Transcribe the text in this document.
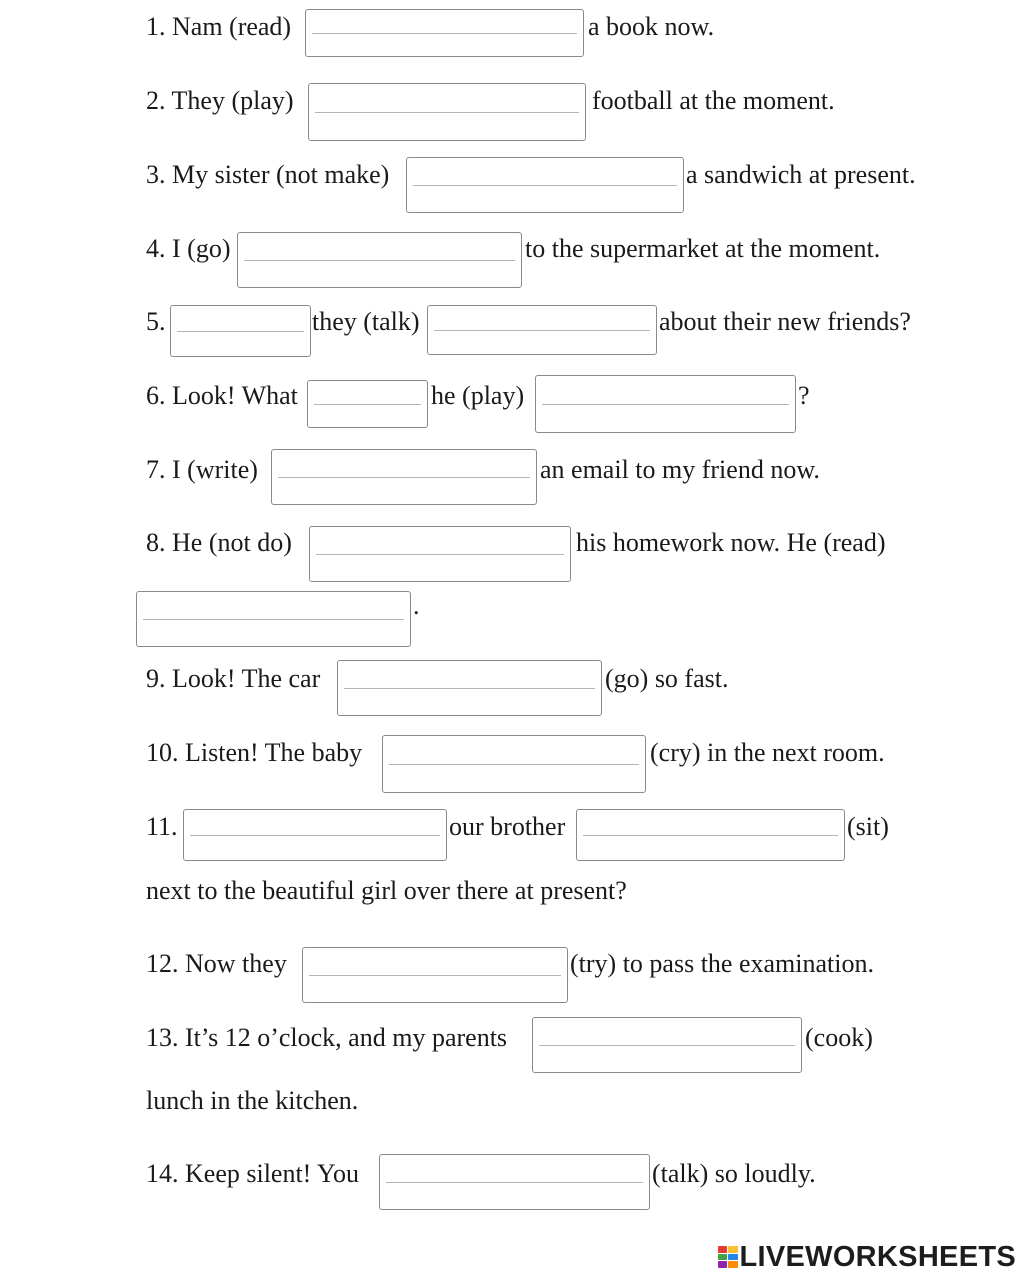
1. Nam (read)	a book now.
2. They (play)	football at the moment.
3. My sister (not make)	a sandwich at present.
4. I (go)	to the supermarket at the moment.
5.	they (talk)	about their new friends?
6. Look! What	he (play)	?
7. I (write)	an email to my friend now.
8. He (not do)	his homework now. He (read)
.
9. Look! The car	(go) so fast.
10. Listen! The baby	(cry) in the next room.
11.	our brother	(sit)
next to the beautiful girl over there at present?
12. Now they	(try) to pass the examination.
13. It’s 12 o’clock, and my parents	(cook)
lunch in the kitchen.
14. Keep silent! You	(talk) so loudly.
LIVEWORKSHEETS
